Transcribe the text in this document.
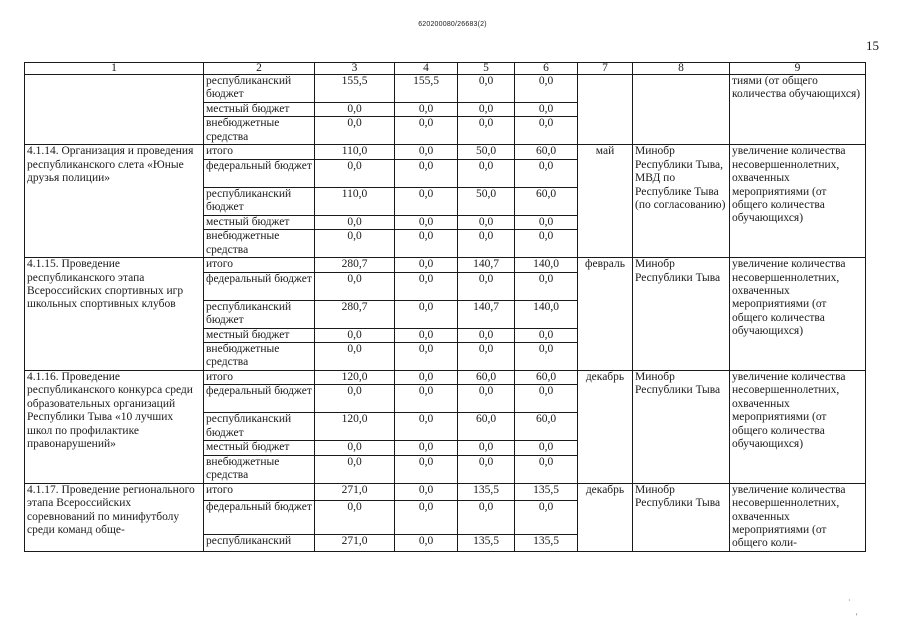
620200080/26683(2)
15
1	2	3	4	5	6	7	8	9
	республиканский бюджет	155,5	155,5	0,0	0,0			тиями (от общего количества обучающихся)
	местный бюджет	0,0	0,0	0,0	0,0			
	внебюджетные средства	0,0	0,0	0,0	0,0			
4.1.14. Организация и проведения республиканского слета «Юные друзья полиции»	итого	110,0	0,0	50,0	60,0	май	Минобр Республики Тыва, МВД по Республике Тыва (по согласованию)	увеличение количества несовершеннолетних, охваченных мероприятиями (от общего количества обучающихся)
	федеральный бюджет	0,0	0,0	0,0	0,0			
	республиканский бюджет	110,0	0,0	50,0	60,0			
	местный бюджет	0,0	0,0	0,0	0,0			
	внебюджетные средства	0,0	0,0	0,0	0,0			
4.1.15. Проведение республиканского этапа Всероссийских спортивных игр школьных спортивных клубов	итого	280,7	0,0	140,7	140,0	февраль	Минобр Республики Тыва	увеличение количества несовершеннолетних, охваченных мероприятиями (от общего количества обучающихся)
	федеральный бюджет	0,0	0,0	0,0	0,0			
	республиканский бюджет	280,7	0,0	140,7	140,0			
	местный бюджет	0,0	0,0	0,0	0,0			
	внебюджетные средства	0,0	0,0	0,0	0,0			
4.1.16. Проведение республиканского конкурса среди образовательных организаций Республики Тыва «10 лучших школ по профилактике правонарушений»	итого	120,0	0,0	60,0	60,0	декабрь	Минобр Республики Тыва	увеличение количества несовершеннолетних, охваченных мероприятиями (от общего количества обучающихся)
	федеральный бюджет	0,0	0,0	0,0	0,0			
	республиканский бюджет	120,0	0,0	60,0	60,0			
	местный бюджет	0,0	0,0	0,0	0,0			
	внебюджетные средства	0,0	0,0	0,0	0,0			
4.1.17. Проведение регионального этапа Всероссийских соревнований по минифутболу среди команд обще-	итого	271,0	0,0	135,5	135,5	декабрь	Минобр Республики Тыва	увеличение количества несовершеннолетних, охваченных мероприятиями (от общего коли-
	федеральный бюджет	0,0	0,0	0,0	0,0			
	республиканский	271,0	0,0	135,5	135,5			
·
'
